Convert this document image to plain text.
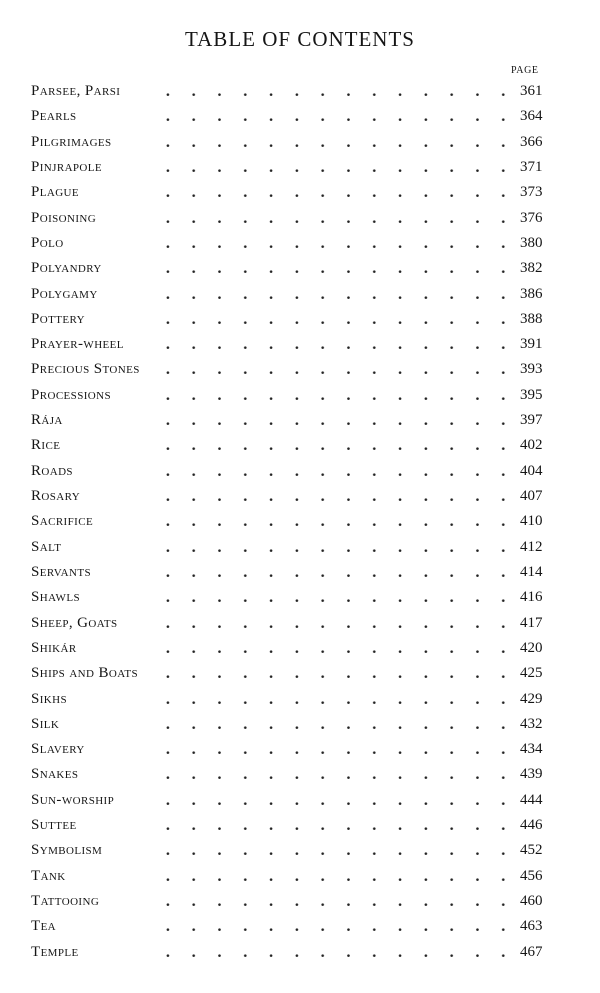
TABLE OF CONTENTS
PAGE
Parsee, Parsi	361
Pearls	364
Pilgrimages	366
Pinjrapole	371
Plague	373
Poisoning	376
Polo	380
Polyandry	382
Polygamy	386
Pottery	388
Prayer-wheel	391
Precious Stones	393
Processions	395
Rája	397
Rice	402
Roads	404
Rosary	407
Sacrifice	410
Salt	412
Servants	414
Shawls	416
Sheep, Goats	417
Shikár	420
Ships and Boats	425
Sikhs	429
Silk	432
Slavery	434
Snakes	439
Sun-worship	444
Suttee	446
Symbolism	452
Tank	456
Tattooing	460
Tea	463
Temple	467
